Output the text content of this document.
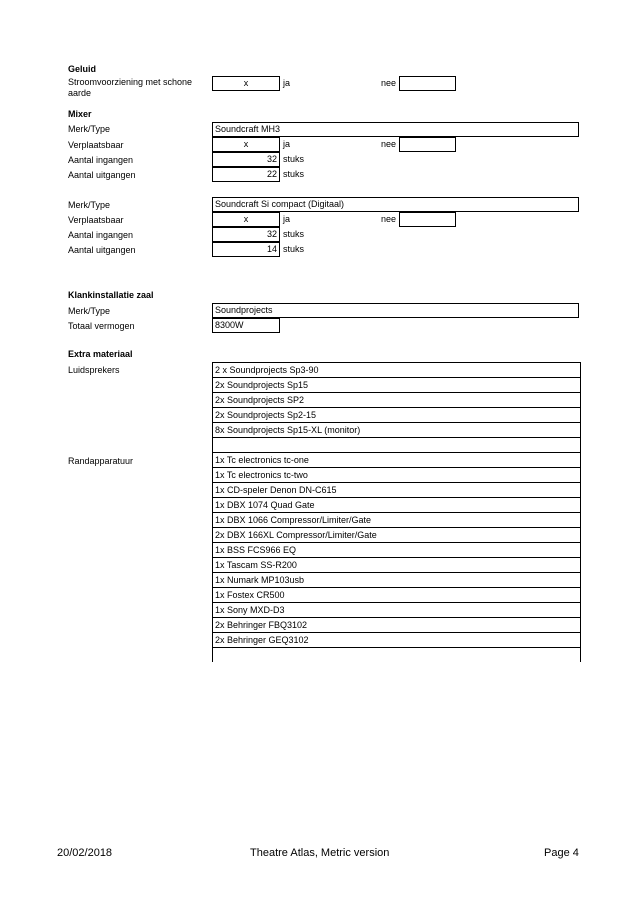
Geluid
Stroomvoorziening met schone
aarde
x	ja	nee
Mixer
Merk/Type	Soundcraft MH3
Verplaatsbaar	x	ja	nee
Aantal ingangen	32 stuks
Aantal uitgangen	22 stuks
Merk/Type	Soundcraft Si compact (Digitaal)
Verplaatsbaar	x	ja	nee
Aantal ingangen	32 stuks
Aantal uitgangen	14 stuks
Klankinstallatie zaal
Merk/Type	Soundprojects
Totaal vermogen	8300W
Extra materiaal
Luidsprekers	2 x Soundprojects Sp3-90
2x Soundprojects Sp15
2x Soundprojects SP2
2x Soundprojects Sp2-15
8x Soundprojects Sp15-XL (monitor)
Randapparatuur	1x Tc electronics tc-one
1x Tc electronics tc-two
1x CD-speler Denon DN-C615
1x DBX 1074 Quad Gate
1x DBX 1066 Compressor/Limiter/Gate
2x DBX 166XL Compressor/Limiter/Gate
1x BSS FCS966 EQ
1x Tascam SS-R200
1x Numark MP103usb
1x Fostex CR500
1x Sony MXD-D3
2x Behringer FBQ3102
2x Behringer GEQ3102
20/02/2018	Theatre Atlas, Metric version	Page 4
